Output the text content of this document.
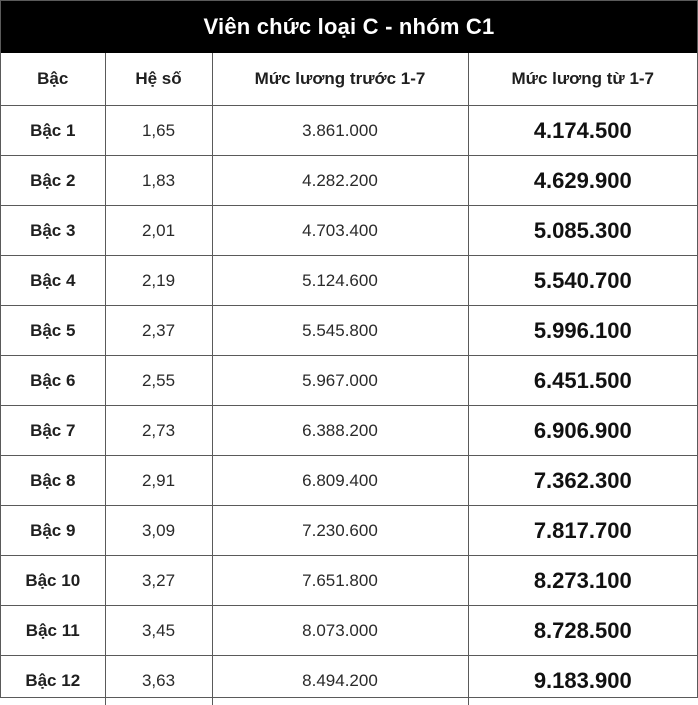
Viên chức loại C - nhóm C1
Bậc	Hệ số	Mức lương trước 1-7	Mức lương từ 1-7
Bậc 1	1,65	3.861.000	4.174.500
Bậc 2	1,83	4.282.200	4.629.900
Bậc 3	2,01	4.703.400	5.085.300
Bậc 4	2,19	5.124.600	5.540.700
Bậc 5	2,37	5.545.800	5.996.100
Bậc 6	2,55	5.967.000	6.451.500
Bậc 7	2,73	6.388.200	6.906.900
Bậc 8	2,91	6.809.400	7.362.300
Bậc 9	3,09	7.230.600	7.817.700
Bậc 10	3,27	7.651.800	8.273.100
Bậc 11	3,45	8.073.000	8.728.500
Bậc 12	3,63	8.494.200	9.183.900
